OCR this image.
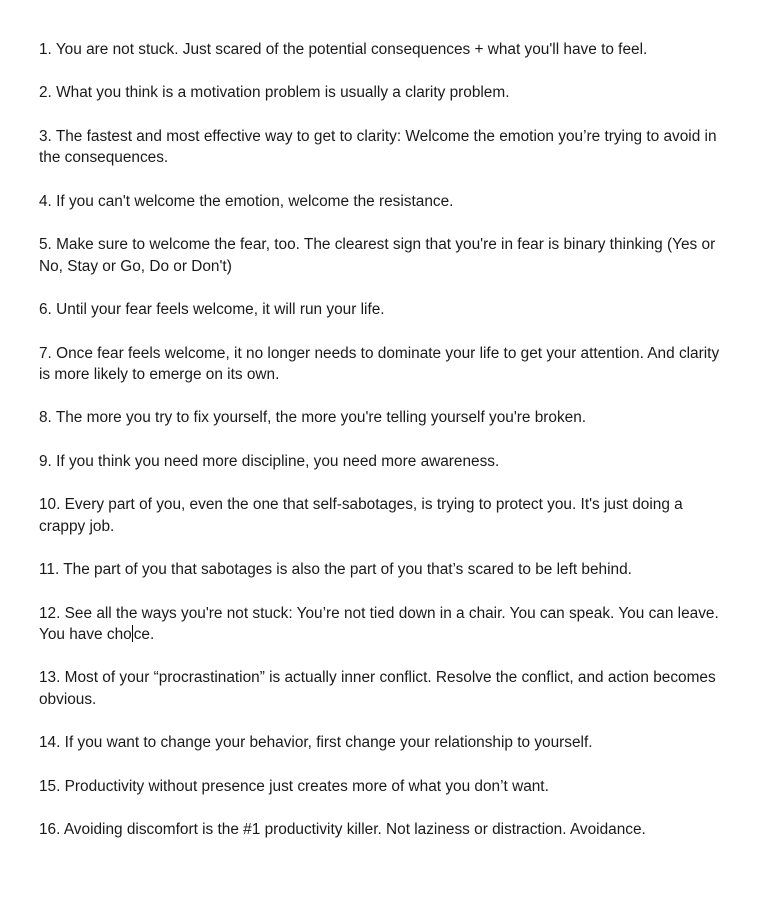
1. You are not stuck. Just scared of the potential consequences + what you'll have to feel.

2. What you think is a motivation problem is usually a clarity problem.

3. The fastest and most effective way to get to clarity: Welcome the emotion you’re trying to avoid in the consequences.

4. If you can't welcome the emotion, welcome the resistance.

5. Make sure to welcome the fear, too. The clearest sign that you're in fear is binary thinking (Yes or No, Stay or Go, Do or Don't)

6. Until your fear feels welcome, it will run your life.

7. Once fear feels welcome, it no longer needs to dominate your life to get your attention. And clarity is more likely to emerge on its own.

8. The more you try to fix yourself, the more you're telling yourself you're broken.

9. If you think you need more discipline, you need more awareness.

10. Every part of you, even the one that self-sabotages, is trying to protect you. It's just doing a crappy job.

11. The part of you that sabotages is also the part of you that’s scared to be left behind.

12. See all the ways you're not stuck: You’re not tied down in a chair. You can speak. You can leave. You have cho ce.

13. Most of your “procrastination” is actually inner conflict. Resolve the conflict, and action becomes obvious.

14. If you want to change your behavior, first change your relationship to yourself.

15. Productivity without presence just creates more of what you don’t want.

16. Avoiding discomfort is the #1 productivity killer. Not laziness or distraction. Avoidance.
